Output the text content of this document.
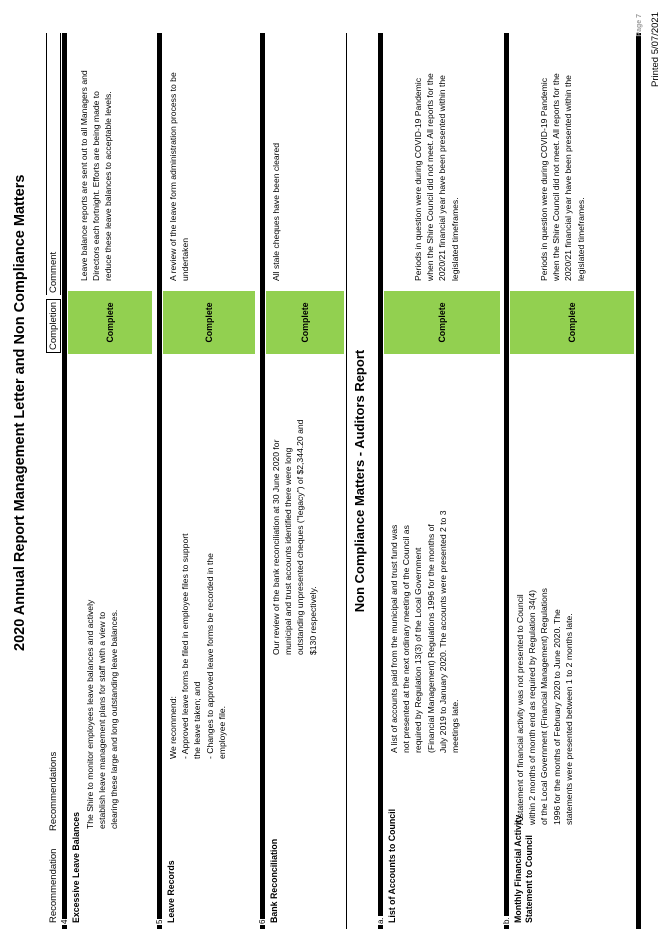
2020 Annual Report Management Letter and Non Compliance Matters
Recommendation
Recommendations
Completion
Comment
4 Excessive Leave Balances
The Shire to monitor employees leave balances and actively establish leave management plans for staff with a view to clearing these large and long outstanding leave balances.
Complete
Leave balance reports are sent out to all Managers and Directors each fortnight. Efforts are being made to reduce these leave balances to acceptable levels.
5 Leave Records
We recommend: - Approved leave forms be filed in employee files to support the leave taken; and - Changes to approved leave forms be recorded in the employee file.
Complete
A review of the leave form administration process to be undertaken
6 Bank Reconciliation
Our review of the bank reconciliation at 30 June 2020 for municipal and trust accounts identified there were long outstanding unpresented cheques ("legacy") of $2,344.20 and $130 respectively.
Complete
All stale cheques have been cleared
Non Compliance Matters - Auditors Report
a. List of Accounts to Council
A list of accounts paid from the municipal and trust fund was not presented at the next ordinary meeting of the Council as required by Regulation 13(3) of the Local Government (Financial Management) Regulations 1996 for the months of July 2019 to January 2020. The accounts were presented 2 to 3 meetings late.
Complete
Periods in question were during COVID-19 Pandemic when the Shire Council did not meet. All reports for the 2020/21 financial year have been presented within the legislated timeframes.
b. Monthly Financial Activity Statement to Council
A statement of financial activity was not presented to Council within 2 months of month end as required by Regulation 34(4) of the Local Government (Financial Management) Regulations 1996 for the months of February 2020 to June 2020. The statements were presented between 1 to 2 months late.
Complete
Periods in question were during COVID-19 Pandemic when the Shire Council did not meet. All reports for the 2020/21 financial year have been presented within the legislated timeframes.
Page 7 Printed 5/07/2021
